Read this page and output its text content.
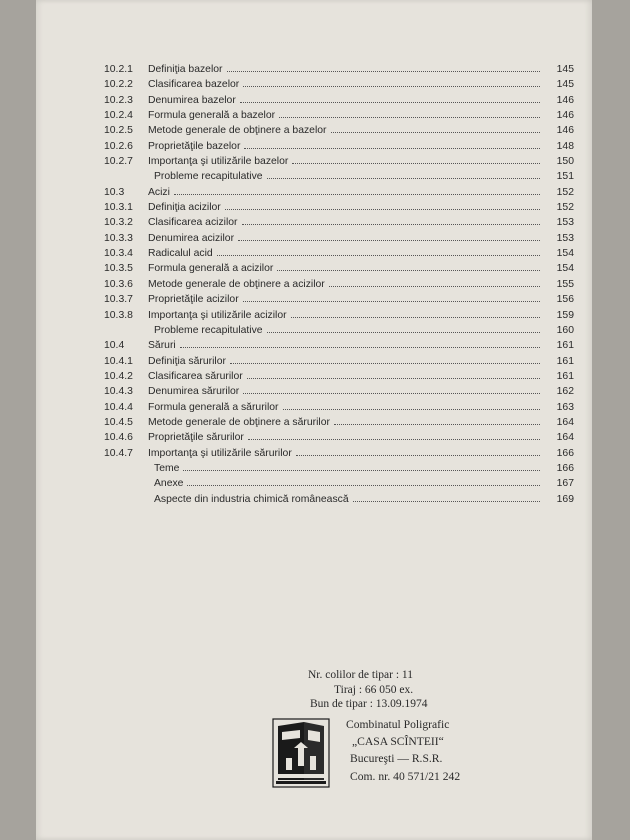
10.2.1 Definiţia bazelor	145
10.2.2 Clasificarea bazelor	145
10.2.3 Denumirea bazelor	146
10.2.4 Formula generală a bazelor	146
10.2.5 Metode generale de obţinere a bazelor	146
10.2.6 Proprietăţile bazelor	148
10.2.7 Importanţa şi utilizările bazelor	150
Probleme recapitulative	151
10.3 Acizi	152
10.3.1 Definiţia acizilor	152
10.3.2 Clasificarea acizilor	153
10.3.3 Denumirea acizilor	153
10.3.4 Radicalul acid	154
10.3.5 Formula generală a acizilor	154
10.3.6 Metode generale de obţinere a acizilor	155
10.3.7 Proprietăţile acizilor	156
10.3.8 Importanţa şi utilizările acizilor	159
Probleme recapitulative	160
10.4 Săruri	161
10.4.1 Definiţia sărurilor	161
10.4.2 Clasificarea sărurilor	161
10.4.3 Denumirea sărurilor	162
10.4.4 Formula generală a sărurilor	163
10.4.5 Metode generale de obţinere a sărurilor	164
10.4.6 Proprietăţile sărurilor	164
10.4.7 Importanţa şi utilizările sărurilor	166
Teme	166
Anexe	167
Aspecte din industria chimică românească	169
Nr. colilor de tipar : 11
Tiraj : 66 050 ex.
Bun de tipar : 13.09.1974
Combinatul Poligrafic
„CASA SCÎNTEII“
Bucureşti — R.S.R.
Com. nr. 40 571/21 242
